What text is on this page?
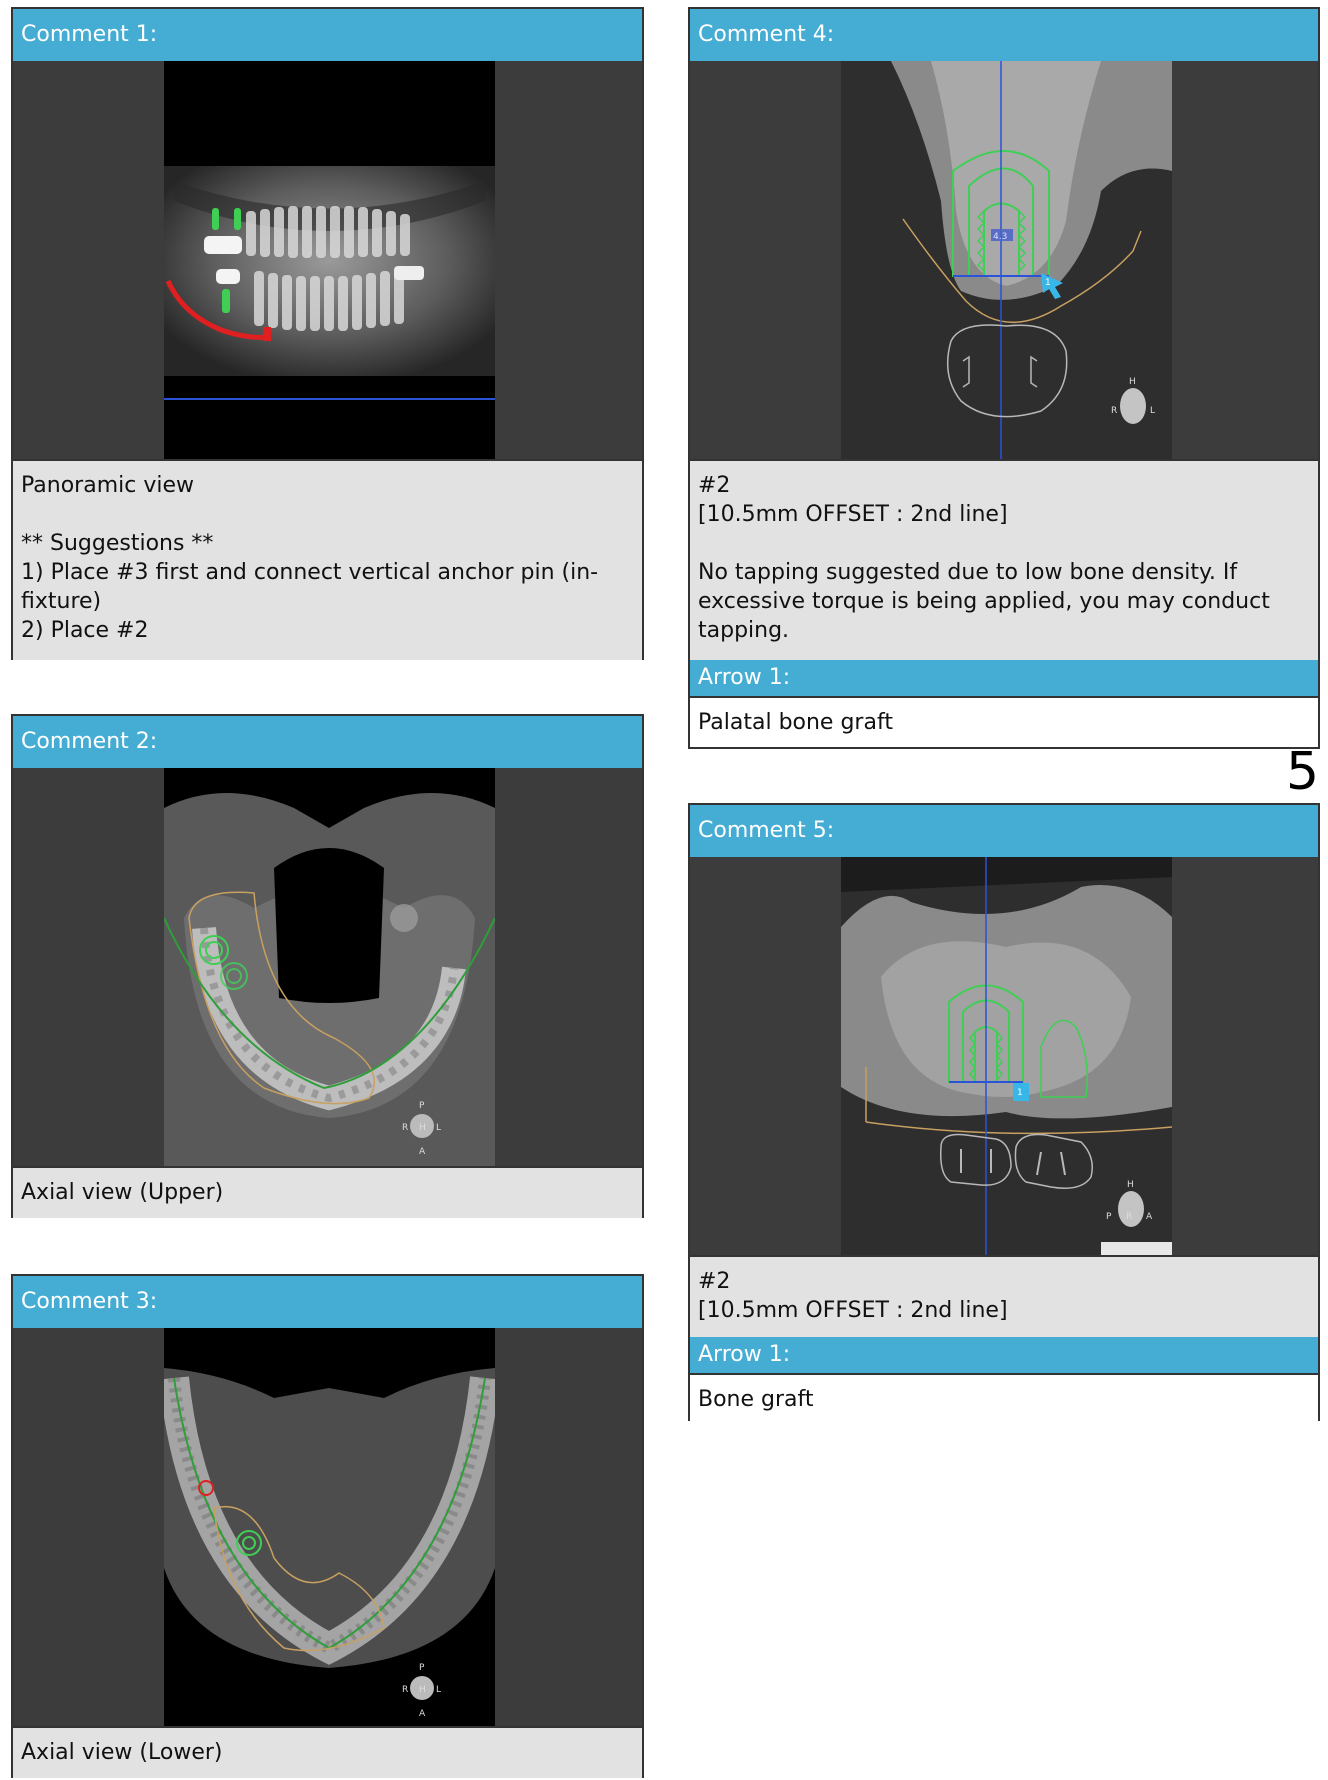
Comment 1:
Panoramic view
** Suggestions **
1) Place #3 first and connect vertical anchor pin (in-
fixture)
2) Place #2
Comment 2:
P
R H L
A
Axial view (Upper)
Comment 3:
P
R H L
A
Axial view (Lower)
Comment 4:
4.3
1
H
R	L
#2
[10.5mm OFFSET : 2nd line]
No tapping suggested due to low bone density. If
excessive torque is being applied, you may conduct
tapping.
Arrow 1:
Palatal bone graft
5
Comment 5:
1
H
P R A
#2
[10.5mm OFFSET : 2nd line]
Arrow 1:
Bone graft
